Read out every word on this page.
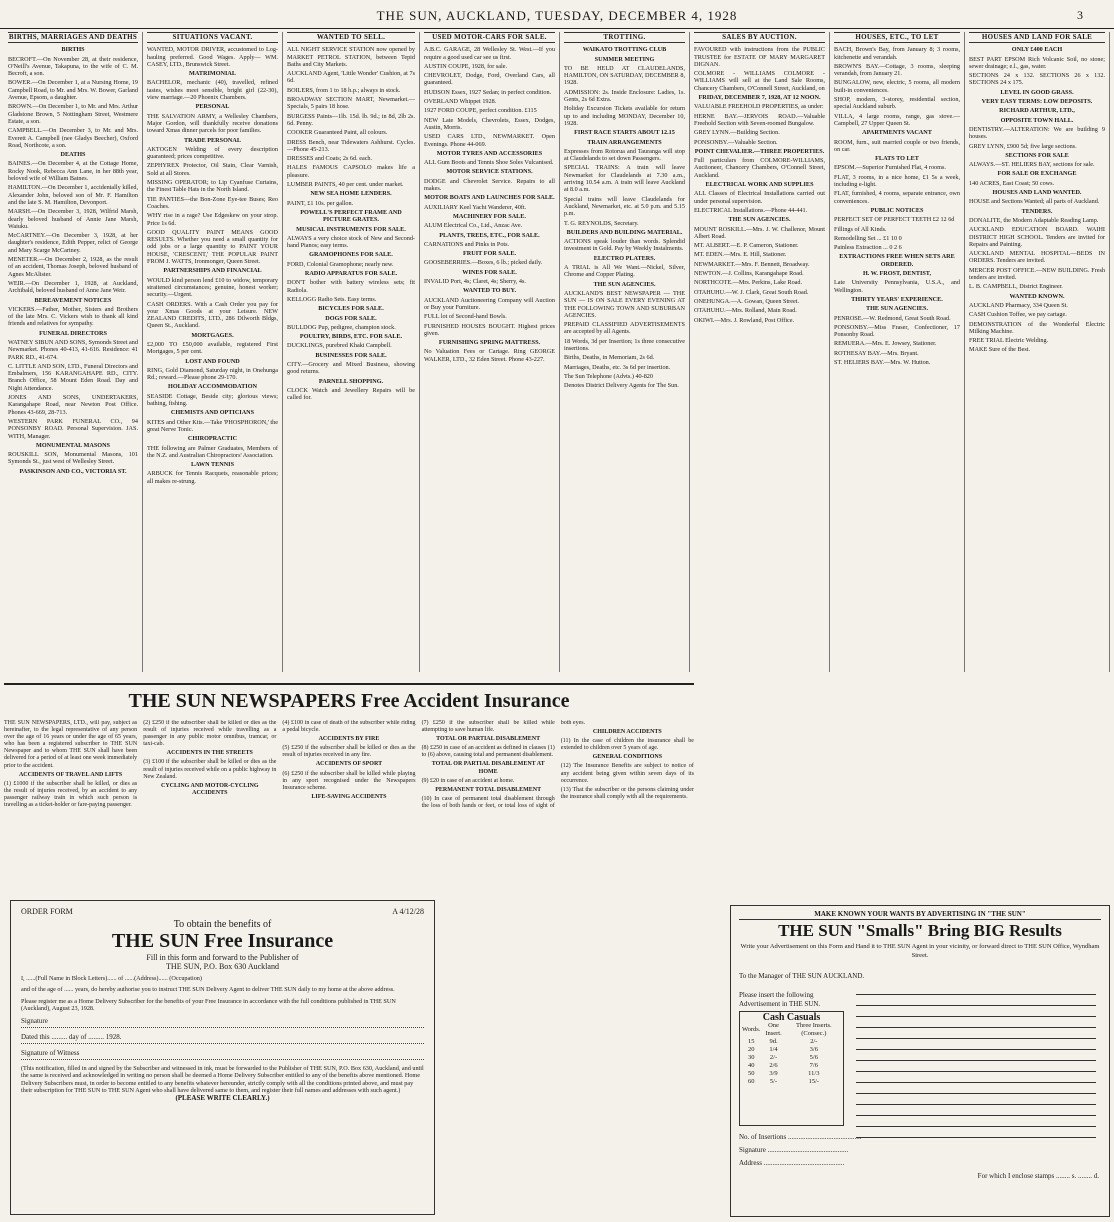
THE SUN, AUCKLAND, TUESDAY, DECEMBER 4, 1928	3
BIRTHS, MARRIAGES AND DEATHS

BIRTHS

BECROFT.—On November 28, at their residence, O'Neill's Avenue, Takapuna, to the wife of C. M. Becroft, a son.

BOWER.—On December 1, at a Nursing Home, 19 Campbell Road, to Mr. and Mrs. W. Bower, Garland Avenue, Epsom, a daughter.

BROWN.—On December 1, to Mr. and Mrs. Arthur Gladstone Brown, 5 Nottingham Street, Westmere Estate, a son.

CAMPBELL.—On December 3, to Mr. and Mrs. Everett A. Campbell (nee Gladys Beecher), Oxford Road, Northcote, a son.

DEATHS

BAINES.—On December 4, at the Cottage Home, Rocky Nook, Rebecca Ann Lane, in her 88th year, beloved wife of William Baines.

HAMILTON.—On December 1, accidentally killed, Alexander John, beloved son of Mr. F. Hamilton and the late S. M. Hamilton, Devonport.

MARSH.—On December 3, 1928, Wilfrid Marsh, dearly beloved husband of Annie Jane Marsh, Waiuku.

McCARTNEY.—On December 3, 1928, at her daughter's residence, Edith Pepper, relict of George and Mary Scarge McCartney.

MENETER.—On December 2, 1928, as the result of an accident, Thomas Joseph, beloved husband of Agnes McAlister.

WEIR.—On December 1, 1928, at Auckland, Archibald, beloved husband of Anne Jane Weir.

BEREAVEMENT NOTICES

VICKERS.—Father, Mother, Sisters and Brothers of the late Mrs. C. Vickers wish to thank all kind friends and relatives for sympathy.

FUNERAL DIRECTORS

WATNEY SIBUN AND SONS, Symonds Street and Newmarket. Phones 40-413, 41-616. Residence: 41 PARK RD., 41-674.

C. LITTLE AND SON, LTD., Funeral Directors and Embalmers, 156 KARANGAHAPE RD., CITY. Branch Office, 58 Mount Eden Road. Day and Night Attendance.

JONES AND SONS, UNDERTAKERS, Karangahape Road, near Newton Post Office. Phones 43-669, 28-713.

WESTERN PARK FUNERAL CO., 94 PONSONBY ROAD. Personal Supervision. JAS. WITH, Manager.

MONUMENTAL MASONS

ROUSKILL SON, Monumental Masons, 101 Symonds St., just west of Wellesley Street.

PASKINSON AND CO., VICTORIA ST.

SITUATIONS VACANT.

WANTED, MOTOR DRIVER, accustomed to Log-hauling preferred. Good Wages. Apply— WM. CASEY, LTD., Brunswick Street.

MATRIMONIAL

BACHELOR, mechanic (40), travelled, refined tastes, wishes meet sensible, bright girl (22-30), view marriage.—20 Phoenix Chambers.

PERSONAL

THE SALVATION ARMY, a Wellesley Chambers, Major Gordon, will thankfully receive donations toward Xmas dinner parcels for poor families.

TRADE PERSONAL

AKTOGEN Welding of every description guaranteed; prices competitive.

ZEPHYREX Protector, Oil Stain, Clear Varnish, Sold at all Stores.

MISSING OPERATOR; to Lip Cyanfuse Curtains, the Finest Table Hats in the North Island.

TIE PANTIES—the Bon-Zone Eye-tee Buses; Reo Coaches.

WHY rise in a rage? Use Edgeskew on your strop. Price 1s 6d.

GOOD QUALITY PAINT MEANS GOOD RESULTS. Whether you need a small quantity for odd jobs or a large quantity to PAINT YOUR HOUSE, 'CRESCENT,' THE POPULAR PAINT FROM J. WATTS, Ironmonger, Queen Street.

PARTNERSHIPS AND FINANCIAL

WOULD kind person lend £10 to widow, temporary straitened circumstances; genuine, honest worker; security.—Urgent.

CASH ORDERS. With a Cash Order you pay for your Xmas Goods at your Leisure. NEW ZEALAND CREDITS, LTD., 286 Dilworth Bldgs, Queen St., Auckland.

MORTGAGES.

£2,000 TO £50,000 available, registered First Mortgages, 5 per cent.

LOST AND FOUND

RING, Gold Diamond, Saturday night, in Onehunga Rd.; reward.—Please phone 29-170.

HOLIDAY ACCOMMODATION

SEASIDE Cottage, Beside city; glorious views; bathing, fishing.

CHEMISTS AND OPTICIANS

KITES and Other Kits.—Take 'PHOSPHORON,' the great Nerve Tonic.

CHIROPRACTIC

THE following are Palmer Graduates, Members of the N.Z. and Australian Chiropractors' Association.

LAWN TENNIS

ARBUCK for Tennis Racquets, reasonable prices; all makes re-strung.

WANTED TO SELL.

ALL NIGHT SERVICE STATION now opened by MARKET PETROL STATION, between Tepid Baths and City Markets.

AUCKLAND Agent, 'Little Wonder' Cushion, at 7s 6d.

BOILERS, from 1 to 18 h.p.; always in stock.

BROADWAY SECTION MART, Newmarket.—Specials, 5 pairs 18 hose.

BURGESS Paints—1lb. 15d. lb. 9d.; in 8d, 2lb 2s. 6d. Penny.

COOKER Guaranteed Paint, all colours.

DRESS Bench, near Tidewaters Ashhurst. Cycles.—Phone 45-213.

DRESSES and Coats; 2s 6d. each.

HALES FAMOUS CAPSOLO makes life a pleasure.

LUMBER PAINTS, 40 per cent. under market.

NEW SEA HOME LENDERS.

PAINT, £1 10s. per gallon.

POWELL'S PERFECT FRAME AND PICTURE GRATES.

MUSICAL INSTRUMENTS FOR SALE.

ALWAYS a very choice stock of New and Second-hand Pianos; easy terms.

GRAMOPHONES FOR SALE.

FORD, Colonial Gramophone; nearly new.

RADIO APPARATUS FOR SALE.

DON'T bother with battery wireless sets; fit Radiola.

KELLOGG Radio Sets. Easy terms.

BICYCLES FOR SALE.

DOGS FOR SALE.

BULLDOG Pup, pedigree, champion stock.

POULTRY, BIRDS, ETC. FOR SALE.

DUCKLINGS, purebred Khaki Campbell.

BUSINESSES FOR SALE.

CITY.—Grocery and Mixed Business, showing good returns.

PARNELL SHOPPING.

CLOCK Watch and Jewellery Repairs will be called for.

USED MOTOR-CARS FOR SALE.

A.B.C. GARAGE, 28 Wellesley St. West.—If you require a good used car see us first.

AUSTIN COUPE, 1928, for sale.

CHEVROLET, Dodge, Ford, Overland Cars, all guaranteed.

HUDSON Essex, 1927 Sedan; in perfect condition.

OVERLAND Whippet 1928.

1927 FORD COUPE, perfect condition. £115

NEW Late Models, Chevrolets, Essex, Dodges, Austin, Morris.

USED CARS LTD., NEWMARKET. Open Evenings. Phone 44-069.

MOTOR TYRES AND ACCESSORIES

ALL Gum Boots and Tennis Shoe Soles Vulcanised.

MOTOR SERVICE STATIONS.

DODGE and Chevrolet Service. Repairs to all makes.

MOTOR BOATS AND LAUNCHES FOR SALE.

AUXILIARY Keel Yacht Wanderer, 40ft.

MACHINERY FOR SALE.

ALUM Electrical Co., Ltd., Anzac Ave.

PLANTS, TREES, ETC., FOR SALE.

CARNATIONS and Pinks in Pots.

FRUIT FOR SALE.

GOOSEBERRIES.—Boxes, 6 lb.; picked daily.

WINES FOR SALE.

INVALID Port, 4s; Claret, 4s; Sherry, 4s.

WANTED TO BUY.

AUCKLAND Auctioneering Company will Auction or Buy your Furniture.

FULL lot of Second-hand Bowls.

FURNISHED HOUSES BOUGHT. Highest prices given.

FURNISHING SPRING MATTRESS.

No Valuation Fees or Cartage. Ring GEORGE WALKER, LTD., 32 Eden Street. Phone 43-227.

TROTTING.

WAIKATO TROTTING CLUB

SUMMER MEETING

TO BE HELD AT CLAUDELANDS, HAMILTON, ON SATURDAY, DECEMBER 8, 1928.

ADMISSION: 2s. Inside Enclosure: Ladies, 1s. Gents, 2s 6d Extra.

Holiday Excursion Tickets available for return up to and including MONDAY, December 10, 1928.

FIRST RACE STARTS ABOUT 12.15

TRAIN ARRANGEMENTS

Expresses from Rotorua and Tauranga will stop at Claudelands to set down Passengers.

SPECIAL TRAINS: A train will leave Newmarket for Claudelands at 7.30 a.m., arriving 10.54 a.m. A train will leave Auckland at 8.0 a.m.

Special trains will leave Claudelands for Auckland, Newmarket, etc. at 5.0 p.m. and 5.15 p.m.

T. G. REYNOLDS, Secretary.

BUILDERS AND BUILDING MATERIAL.

ACTIONS speak louder than words. Splendid investment in Gold. Pay by Weekly Instalments.

ELECTRO PLATERS.

A TRIAL is All We Want.—Nickel, Silver, Chrome and Copper Plating.

THE SUN AGENCIES.

AUCKLAND'S BEST NEWSPAPER — THE SUN — IS ON SALE EVERY EVENING AT THE FOLLOWING TOWN AND SUBURBAN AGENCIES.

PREPAID CLASSIFIED ADVERTISEMENTS are accepted by all Agents.

18 Words, 3d per Insertion; 1s three consecutive insertions.

Births, Deaths, in Memoriam, 2s 6d.

Marriages, Deaths, etc. 3s 6d per insertion.

The Sun Telephone (Advts.) 40-820

Denotes District Delivery Agents for The Sun.

SALES BY AUCTION.

FAVOURED with instructions from the PUBLIC TRUSTEE for ESTATE OF MARY MARGARET DIGNAN.

COLMORE - WILLIAMS COLMORE - WILLIAMS will sell at the Land Sale Rooms, Chancery Chambers, O'Connell Street, Auckland, on

FRIDAY, DECEMBER 7, 1928, AT 12 NOON.

VALUABLE FREEHOLD PROPERTIES, as under:

HERNE BAY.—JERVOIS ROAD.—Valuable Freehold Section with Seven-roomed Bungalow.

GREY LYNN.—Building Section.

PONSONBY.—Valuable Section.

POINT CHEVALIER.—THREE PROPERTIES.

Full particulars from COLMORE-WILLIAMS, Auctioneer, Chancery Chambers, O'Connell Street, Auckland.

ELECTRICAL WORK AND SUPPLIES

ALL Classes of Electrical Installations carried out under personal supervision.

ELECTRICAL Installations.—Phone 44-441.

THE SUN AGENCIES.

MOUNT ROSKILL.—Mrs. J. W. Challenor, Mount Albert Road.

MT. ALBERT.—E. P. Cameron, Stationer.

MT. EDEN.—Mrs. E. Hill, Stationer.

NEWMARKET.—Mrs. F. Bennett, Broadway.

NEWTON.—J. Collins, Karangahape Road.

NORTHCOTE.—Mrs. Perkins, Lake Road.

OTAHUHU.—W. J. Clark, Great South Road.

ONEHUNGA.—A. Gowan, Queen Street.

OTAHUHU.—Mrs. Rolland, Main Road.

OKIWI.—Mrs. J. Rowland, Post Office.

HOUSES, ETC., TO LET

BACH, Brown's Bay, from January 8; 3 rooms, kitchenette and verandah.

BROWN'S BAY.—Cottage, 3 rooms, sleeping verandah, from January 21.

BUNGALOW, new, electric, 5 rooms, all modern built-in conveniences.

SHOP, modern, 3-storey, residential section, special Auckland suburb.

VILLA, 4 large rooms, range, gas stove.—Campbell, 27 Upper Queen St.

APARTMENTS VACANT

ROOM, furn., suit married couple or two friends, on car.

FLATS TO LET

EPSOM.—Superior Furnished Flat, 4 rooms.

FLAT, 3 rooms, in a nice home, £1 5s a week, including e-light.

FLAT, furnished, 4 rooms, separate entrance, own conveniences.

PUBLIC NOTICES

PERFECT SET OF PERFECT TEETH £2 12 6d

Fillings of All Kinds.

Remodelling Set ... £1 10 0

Painless Extraction ... 0 2 6

EXTRACTIONS FREE WHEN SETS ARE ORDERED.

H. W. FROST, DENTIST,

Late University Pennsylvania, U.S.A., and Wellington.

THIRTY YEARS' EXPERIENCE.

THE SUN AGENCIES.

PENROSE.—W. Redmond, Great South Road.

PONSONBY.—Miss Fraser, Confectioner, 17 Ponsonby Road.

REMUERA.—Mrs. E. Jowsey, Stationer.

ROTHESAY BAY.—Mrs. Bryant.

ST. HELIERS BAY.—Mrs. W. Hutton.

HOUSES AND LAND FOR SALE

ONLY £400 EACH

BEST PART EPSOM Rich Volcanic Soil, no stone; sewer drainage; e.l., gas, water.

SECTIONS 24 x 132. SECTIONS 26 x 132. SECTIONS 24 x 175.

LEVEL IN GOOD GRASS.

VERY EASY TERMS: LOW DEPOSITS.

RICHARD ARTHUR, LTD.,

OPPOSITE TOWN HALL.

DENTISTRY.—ALTERATION: We are building 9 houses.

GREY LYNN, £900 5d; five large sections.

SECTIONS FOR SALE

ALWAYS.—ST. HELIERS BAY, sections for sale.

FOR SALE OR EXCHANGE

140 ACRES, East Coast; 50 cows.

HOUSES AND LAND WANTED.

HOUSE and Sections Wanted; all parts of Auckland.

TENDERS.

DONALITE, the Modern Adaptable Reading Lamp.

AUCKLAND EDUCATION BOARD. WAIHI DISTRICT HIGH SCHOOL. Tenders are invited for Repairs and Painting.

AUCKLAND MENTAL HOSPITAL—BEDS IN ORDERS. Tenders are invited.

MERCER POST OFFICE.—NEW BUILDING. Fresh tenders are invited.

L. B. CAMPBELL, District Engineer.

WANTED KNOWN.

AUCKLAND Pharmacy, 334 Queen St.

CASH Cushion Toffee, we pay cartage.

DEMONSTRATION of the Wonderful Electric Milking Machine.

FREE TRIAL Electric Welding.

MAKE Sure of the Best.

THE SUN NEWSPAPERS Free Accident Insurance

THE SUN NEWSPAPERS, LTD., will pay, subject as hereinafter, to the legal representative of any person over the age of 16 years or under the age of 65 years, who has been a registered subscriber to THE SUN Newspaper and to whom THE SUN shall have been delivered for a period of at least one week immediately prior to the accident.

ACCIDENTS OF TRAVEL AND LIFTS

(1) £1000 if the subscriber shall be killed, or dies as the result of injuries received, by an accident to any passenger railway train in which such person is travelling as a ticket-holder or fare-paying passenger.

(2) £250 if the subscriber shall be killed or dies as the result of injuries received while travelling as a passenger in any public motor omnibus, tramcar, or taxi-cab.

ACCIDENTS IN THE STREETS

(3) £100 if the subscriber shall be killed or dies as the result of injuries received while on a public highway in New Zealand.

CYCLING AND MOTOR-CYCLING ACCIDENTS

(4) £100 in case of death of the subscriber while riding a pedal bicycle.

ACCIDENTS BY FIRE

(5) £250 if the subscriber shall be killed or dies as the result of injuries received in any fire.

ACCIDENTS OF SPORT

(6) £250 if the subscriber shall be killed while playing in any sport recognised under the Newspapers Insurance scheme.

LIFE-SAVING ACCIDENTS

(7) £250 if the subscriber shall be killed while attempting to save human life.

TOTAL OR PARTIAL DISABLEMENT

(8) £250 in case of an accident as defined in clauses (1) to (6) above, causing total and permanent disablement.

TOTAL OR PARTIAL DISABLEMENT AT HOME

(9) £20 in case of an accident at home.

PERMANENT TOTAL DISABLEMENT

(10) In case of permanent total disablement through the loss of both hands or feet, or total loss of sight of both eyes.

CHILDREN ACCIDENTS

(11) In the case of children the insurance shall be extended to children over 5 years of age.

GENERAL CONDITIONS

(12) The Insurance Benefits are subject to notice of any accident being given within seven days of its occurrence.

(13) That the subscriber or the persons claiming under the insurance shall comply with all the requirements.

ORDER FORM	A 4/12/28
To obtain the benefits of
THE SUN Free Insurance
Fill in this form and forward to the Publisher of
THE SUN, P.O. Box 630 Auckland
I, ......(Full Name in Block Letters)...... of ......(Address)...... (Occupation)
and of the age of ...... years, do hereby authorise you to instruct THE SUN Delivery Agent to deliver THE SUN daily to my home at the above address.
Please register me as a Home Delivery Subscriber for the benefits of your Free Insurance in accordance with the full conditions published in THE SUN (Auckland), August 23, 1928.
Signature
Dated this ......... day of ......... 1928.
Signature of Witness
(This notification, filled in and signed by the Subscriber and witnessed in ink, must be forwarded to the Publisher of THE SUN, P.O. Box 630, Auckland, and until the same is received and acknowledged in writing no person shall be deemed a Home Delivery Subscriber entitled to any of the benefits above mentioned. Home Delivery Subscribers must, in order to become entitled to any benefits whatever hereunder, strictly comply with all the conditions printed above, and must pay their subscription for THE SUN to THE SUN Agent who shall have delivered same to them, and register their full names and addresses with such agent.)
(PLEASE WRITE CLEARLY.)
MAKE KNOWN YOUR WANTS BY ADVERTISING IN "THE SUN"
THE SUN "Smalls" Bring BIG Results
Write your Advertisement on this Form and Hand it to THE SUN Agent in your vicinity, or forward direct to THE SUN Office, Wyndham Street.
To the Manager of THE SUN AUCKLAND.
Please insert the following Advertisement in THE SUN.
Cash Casuals
Words.	One Insert.	Three Inserts. (Consec.)
15	9d.	2/-
20	1/4	3/6
30	2/-	5/6
40	2/6	7/6
50	3/9	11/3
60	5/-	15/-
No. of Insertions ..........................................
Signature ..............................................
Address ..............................................
For which I enclose stamps ........ s. ........ d.
